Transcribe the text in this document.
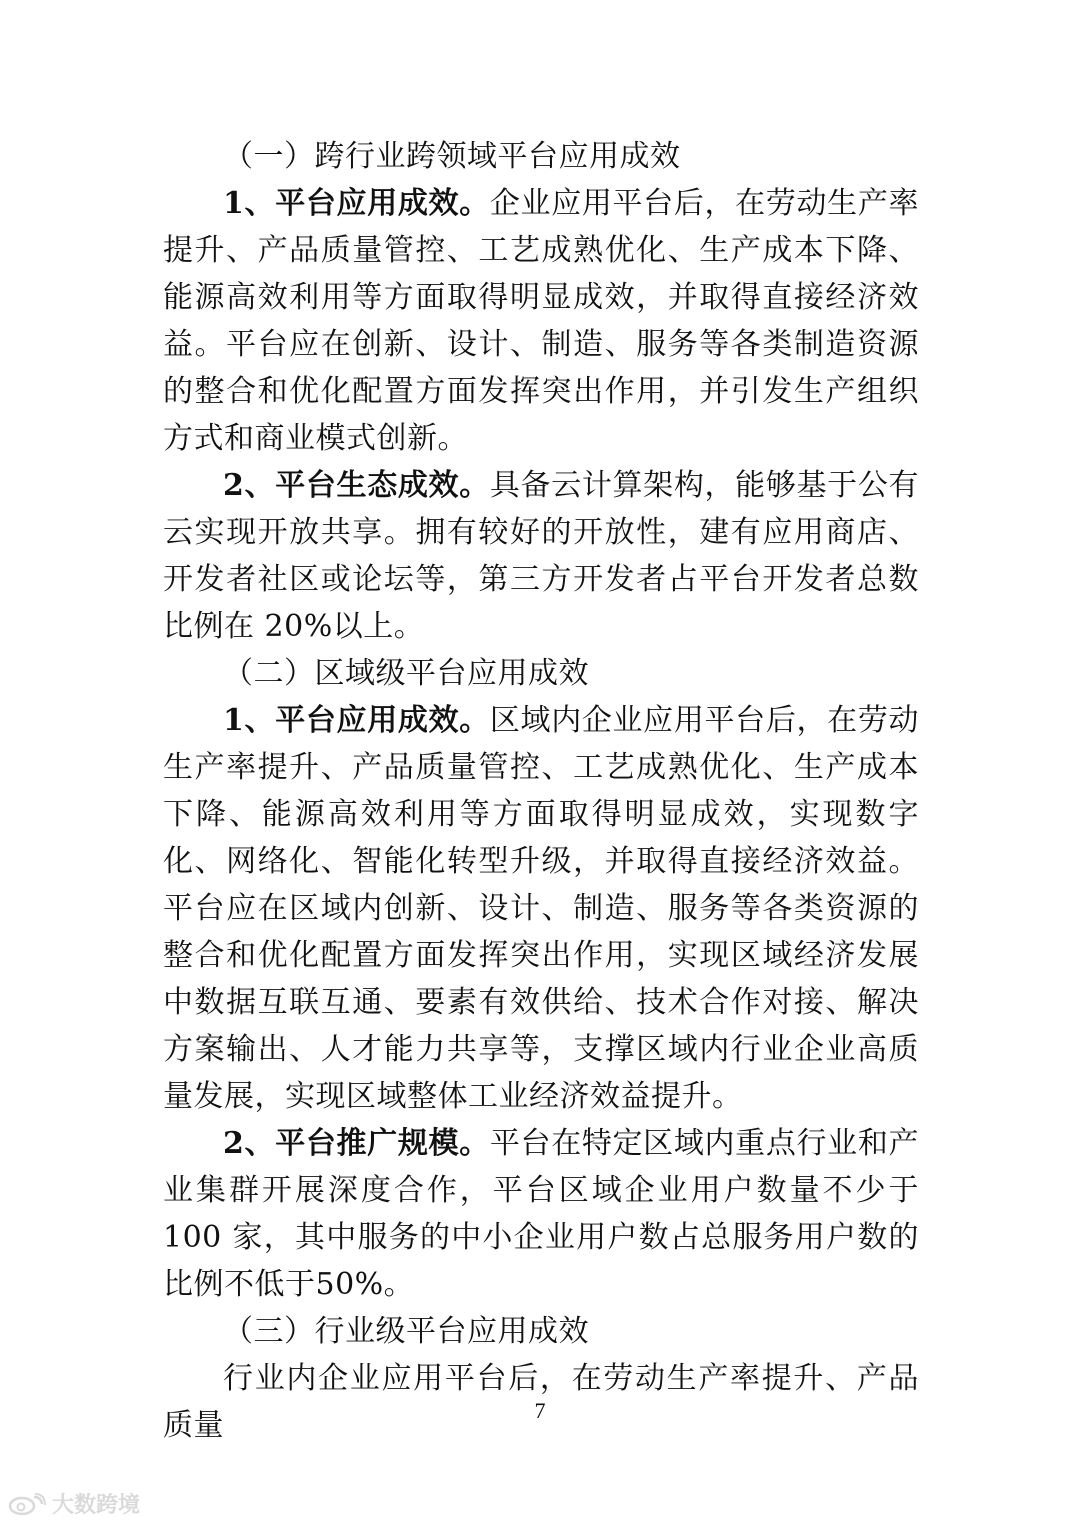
（一）跨行业跨领域平台应用成效

1、平台应用成效。企业应用平台后，在劳动生产率提升、产品质量管控、工艺成熟优化、生产成本下降、能源高效利用等方面取得明显成效，并取得直接经济效益。平台应在创新、设计、制造、服务等各类制造资源的整合和优化配置方面发挥突出作用，并引发生产组织方式和商业模式创新。

2、平台生态成效。具备云计算架构，能够基于公有云实现开放共享。拥有较好的开放性，建有应用商店、开发者社区或论坛等，第三方开发者占平台开发者总数比例在 20%以上。

（二）区域级平台应用成效

1、平台应用成效。区域内企业应用平台后，在劳动生产率提升、产品质量管控、工艺成熟优化、生产成本下降、能源高效利用等方面取得明显成效，实现数字化、网络化、智能化转型升级，并取得直接经济效益。平台应在区域内创新、设计、制造、服务等各类资源的整合和优化配置方面发挥突出作用，实现区域经济发展中数据互联互通、要素有效供给、技术合作对接、解决方案输出、人才能力共享等，支撑区域内行业企业高质量发展，实现区域整体工业经济效益提升。

2、平台推广规模。平台在特定区域内重点行业和产业集群开展深度合作，平台区域企业用户数量不少于 100 家，其中服务的中小企业用户数占总服务用户数的比例不低于50%。

（三）行业级平台应用成效

行业内企业应用平台后，在劳动生产率提升、产品质量	7
大数跨境
